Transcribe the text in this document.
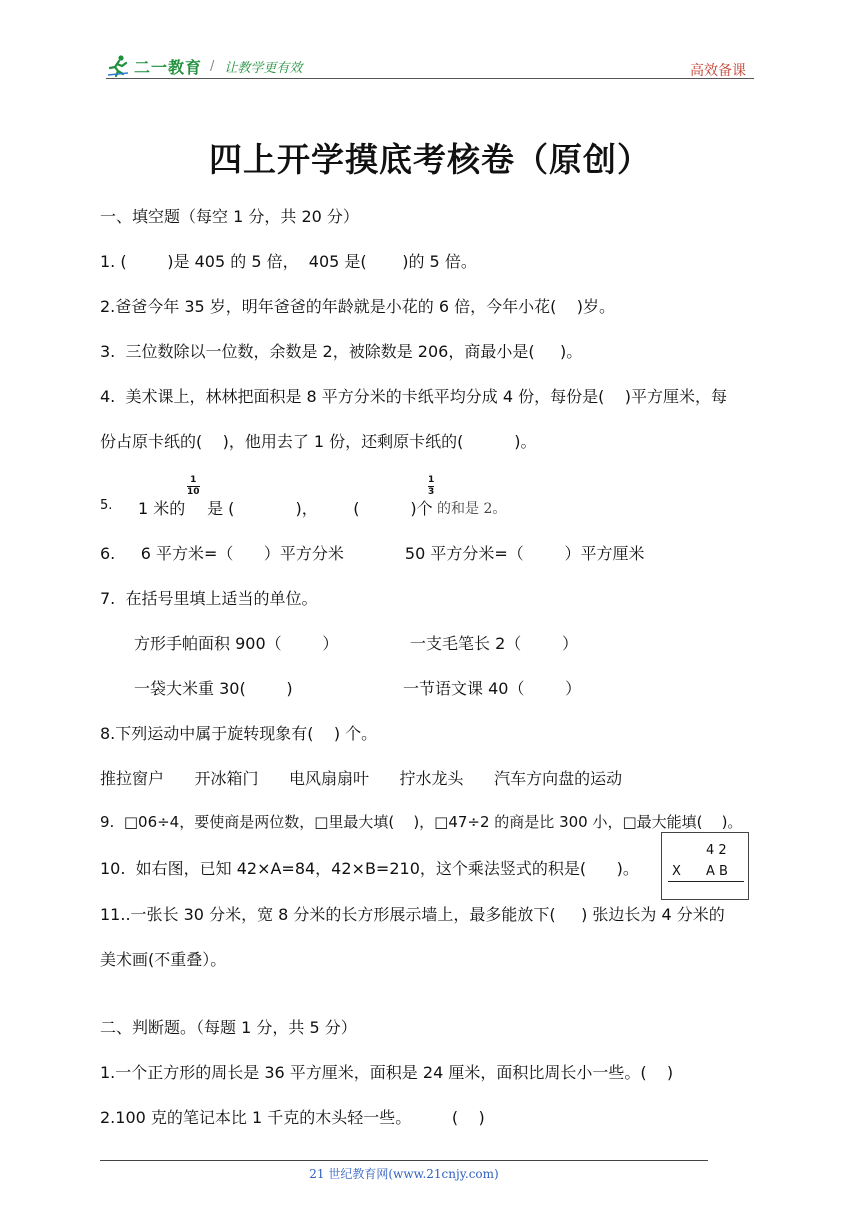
二一教育 / 让教学更有效	高效备课
四上开学摸底考核卷（原创）
一、填空题（每空 1 分，共 20 分）
1. (        )是 405 的 5 倍，  405 是(       )的 5 倍。
2.爸爸今年 35 岁，明年爸爸的年龄就是小花的 6 倍，今年小花(    )岁。
3.  三位数除以一位数，余数是 2，被除数是 206，商最小是(     )。
4.  美术课上，林林把面积是 8 平方分米的卡纸平均分成 4 份，每份是(    )平方厘米，每
份占原卡纸的(    )，他用去了 1 份，还剩原卡纸的(          )。
5. 1 米的
1
10
是 (            )，       (          )个
1
3
的和是 2。
6.     6 平方米=（      ）平方分米            50 平方分米=（        ）平方厘米
7.  在括号里填上适当的单位。
方形手帕面积 900（        ）	一支毛笔长 2（        ）
一袋大米重 30(        )	一节语文课 40（        ）
8.下列运动中属于旋转现象有(    ) 个。
推拉窗户      开冰箱门      电风扇扇叶      拧水龙头      汽车方向盘的运动
9.  □06÷4，要使商是两位数，□里最大填(    )，□47÷2 的商是比 300 小，□最大能填(    )。
10.  如右图，已知 42×A=84，42×B=210，这个乘法竖式的积是(      )。
4 2
X A B
11..一张长 30 分米，宽 8 分米的长方形展示墙上，最多能放下(     ) 张边长为 4 分米的
美术画(不重叠）。
二、判断题。（每题 1 分，共 5 分）
1.一个正方形的周长是 36 平方厘米，面积是 24 厘米，面积比周长小一些。(    )
2.100 克的笔记本比 1 千克的木头轻一些。        (    )
21 世纪教育网(www.21cnjy.com)
